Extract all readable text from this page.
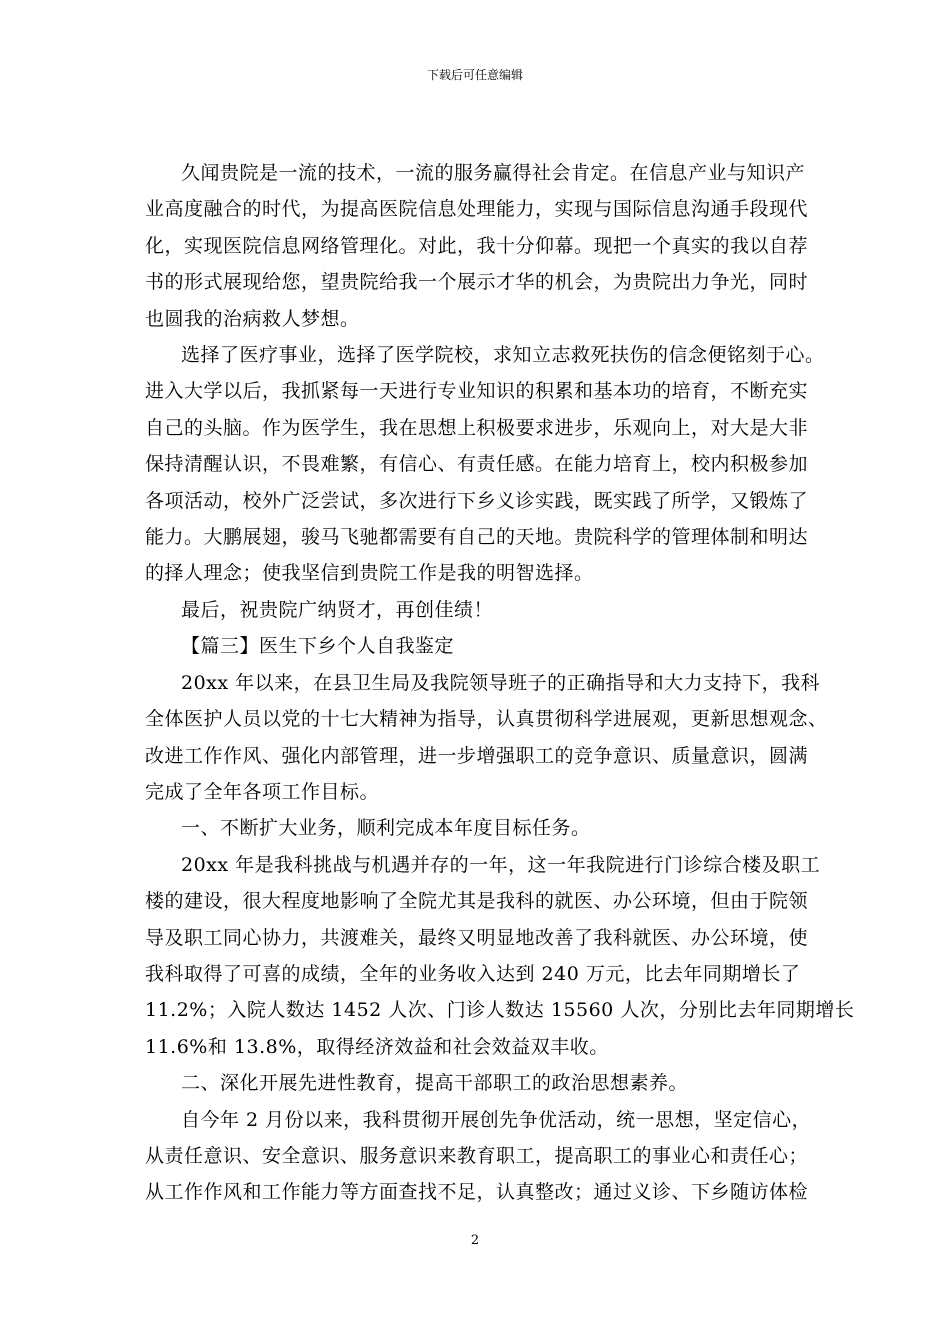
下载后可任意编辑
久闻贵院是一流的技术，一流的服务赢得社会肯定。在信息产业与知识产
业高度融合的时代，为提高医院信息处理能力，实现与国际信息沟通手段现代
化，实现医院信息网络管理化。对此，我十分仰幕。现把一个真实的我以自荐
书的形式展现给您，望贵院给我一个展示才华的机会，为贵院出力争光，同时
也圆我的治病救人梦想。
选择了医疗事业，选择了医学院校，求知立志救死扶伤的信念便铭刻于心。
进入大学以后，我抓紧每一天进行专业知识的积累和基本功的培育，不断充实
自己的头脑。作为医学生，我在思想上积极要求进步，乐观向上，对大是大非
保持清醒认识，不畏难繁，有信心、有责任感。在能力培育上，校内积极参加
各项活动，校外广泛尝试，多次进行下乡义诊实践，既实践了所学，又锻炼了
能力。大鹏展翅，骏马飞驰都需要有自己的天地。贵院科学的管理体制和明达
的择人理念；使我坚信到贵院工作是我的明智选择。
最后，祝贵院广纳贤才，再创佳绩！
【篇三】医生下乡个人自我鉴定
20xx 年以来，在县卫生局及我院领导班子的正确指导和大力支持下，我科
全体医护人员以党的十七大精神为指导，认真贯彻科学进展观，更新思想观念、
改进工作作风、强化内部管理，进一步增强职工的竞争意识、质量意识，圆满
完成了全年各项工作目标。
一、不断扩大业务，顺利完成本年度目标任务。
20xx 年是我科挑战与机遇并存的一年，这一年我院进行门诊综合楼及职工
楼的建设，很大程度地影响了全院尤其是我科的就医、办公环境，但由于院领
导及职工同心协力，共渡难关，最终又明显地改善了我科就医、办公环境，使
我科取得了可喜的成绩，全年的业务收入达到 240 万元，比去年同期增长了
11.2%；入院人数达 1452 人次、门诊人数达 15560 人次，分别比去年同期增长
11.6%和 13.8%，取得经济效益和社会效益双丰收。
二、深化开展先进性教育，提高干部职工的政治思想素养。
自今年 2 月份以来，我科贯彻开展创先争优活动，统一思想，坚定信心，
从责任意识、安全意识、服务意识来教育职工，提高职工的事业心和责任心；
从工作作风和工作能力等方面查找不足，认真整改；通过义诊、下乡随访体检
2
